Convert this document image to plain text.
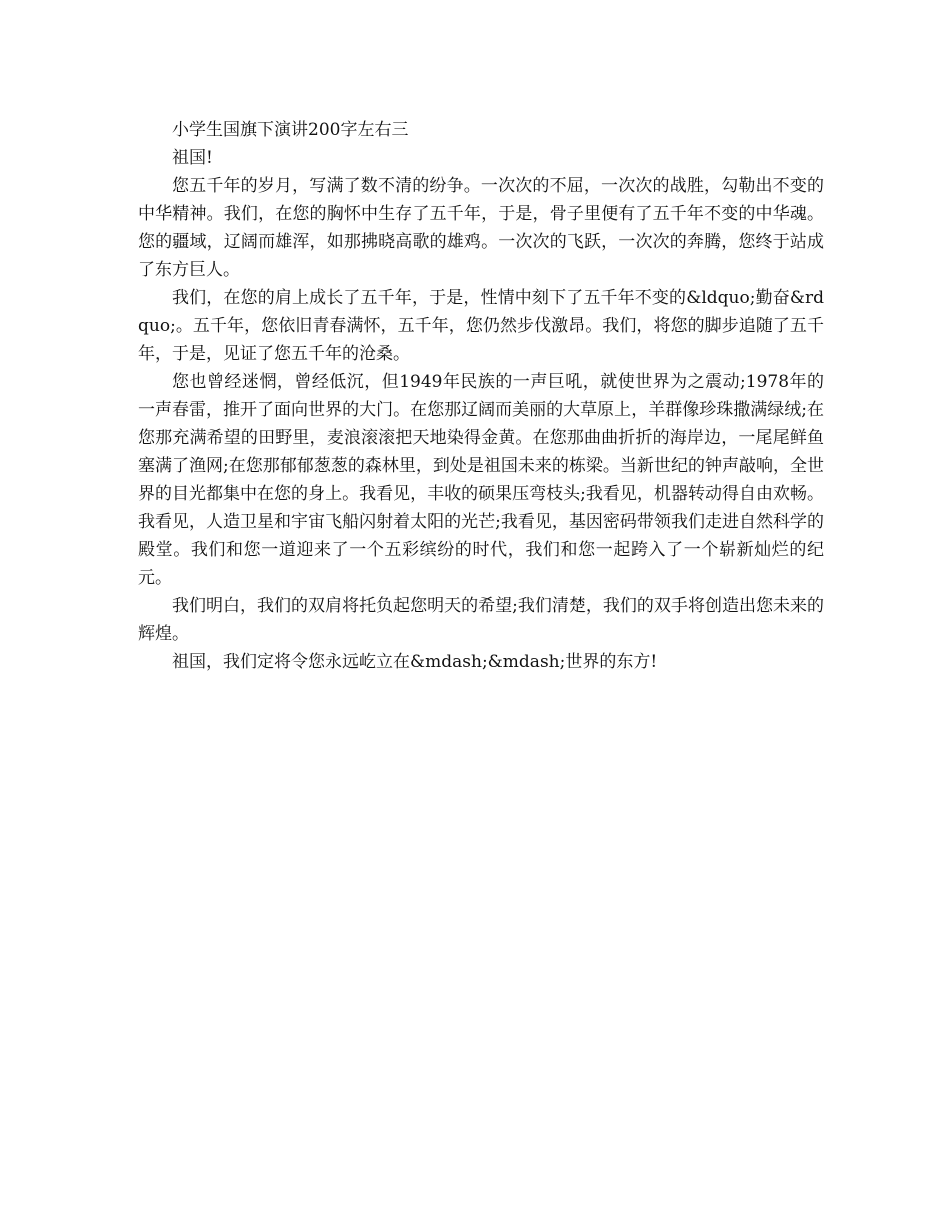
小学生国旗下演讲200字左右三

祖国!

您五千年的岁月，写满了数不清的纷争。一次次的不屈，一次次的战胜，勾勒出不变的中华精神。我们，在您的胸怀中生存了五千年，于是，骨子里便有了五千年不变的中华魂。您的疆域，辽阔而雄浑，如那拂晓高歌的雄鸡。一次次的飞跃，一次次的奔腾，您终于站成了东方巨人。

我们，在您的肩上成长了五千年，于是，性情中刻下了五千年不变的&ldquo;勤奋&rdquo;。五千年，您依旧青春满怀，五千年，您仍然步伐激昂。我们，将您的脚步追随了五千年，于是，见证了您五千年的沧桑。

您也曾经迷惘，曾经低沉，但1949年民族的一声巨吼，就使世界为之震动;1978年的一声春雷，推开了面向世界的大门。在您那辽阔而美丽的大草原上，羊群像珍珠撒满绿绒;在您那充满希望的田野里，麦浪滚滚把天地染得金黄。在您那曲曲折折的海岸边，一尾尾鲜鱼塞满了渔网;在您那郁郁葱葱的森林里，到处是祖国未来的栋梁。当新世纪的钟声敲响，全世界的目光都集中在您的身上。我看见，丰收的硕果压弯枝头;我看见，机器转动得自由欢畅。我看见，人造卫星和宇宙飞船闪射着太阳的光芒;我看见，基因密码带领我们走进自然科学的殿堂。我们和您一道迎来了一个五彩缤纷的时代，我们和您一起跨入了一个崭新灿烂的纪元。

我们明白，我们的双肩将托负起您明天的希望;我们清楚，我们的双手将创造出您未来的辉煌。

祖国，我们定将令您永远屹立在&mdash;&mdash;世界的东方!
